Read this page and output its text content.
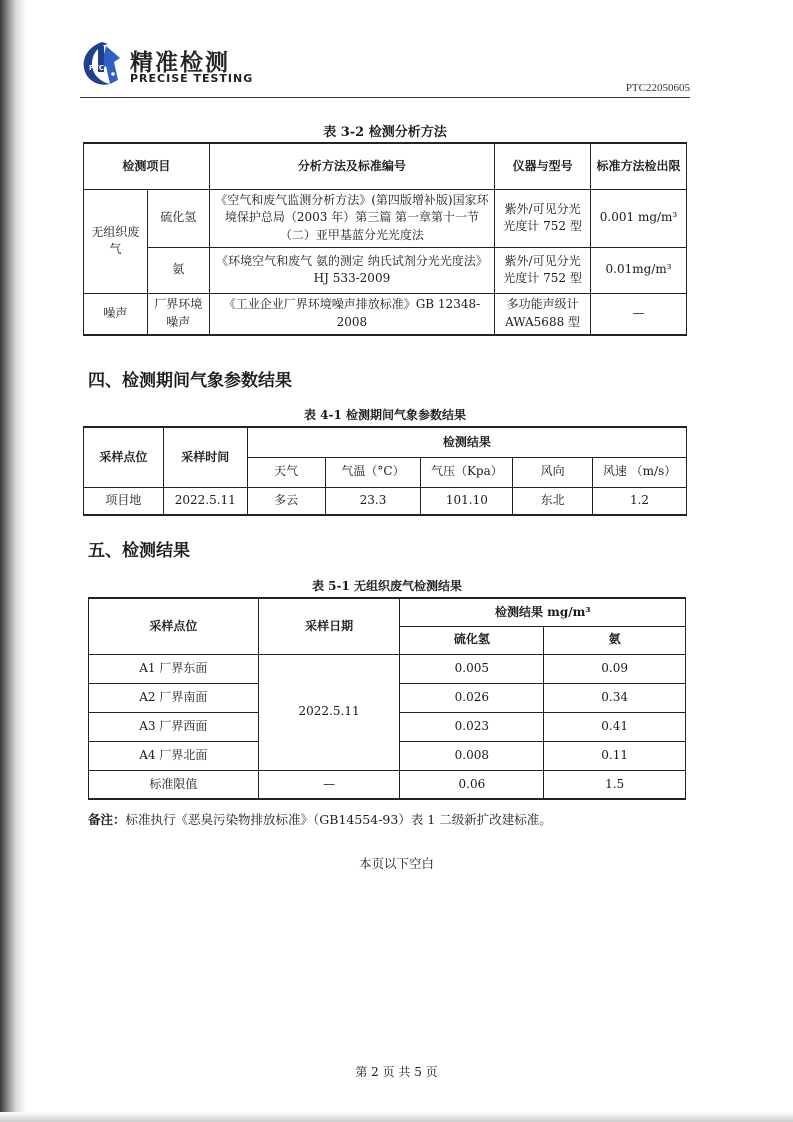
PTC 精准检测
PRECISE TESTING
PTC22050605
表 3-2 检测分析方法
检测项目		分析方法及标准编号	仪器与型号	标准方法检出限
无组织废气	硫化氢	《空气和废气监测分析方法》(第四版增补版)国家环境保护总局（2003 年）第三篇 第一章第十一节 （二）亚甲基蓝分光光度法	紫外/可见分光光度计 752 型	0.001 mg/m³
	氨	《环境空气和废气 氨的测定 纳氏试剂分光光度法》HJ 533-2009	紫外/可见分光光度计 752 型	0.01mg/m³
噪声	厂界环境噪声	《工业企业厂界环境噪声排放标准》GB 12348-2008	多功能声级计 AWA5688 型	—
四、检测期间气象参数结果
表 4-1 检测期间气象参数结果
采样点位	采样时间	检测结果				
		天气	气温（°C）	气压（Kpa）	风向	风速 （m/s）
项目地	2022.5.11	多云	23.3	101.10	东北	1.2
五、检测结果
表 5-1 无组织废气检测结果
采样点位	采样日期	检测结果 mg/m³	
		硫化氢	氨
A1 厂界东面	2022.5.11	0.005	0.09
A2 厂界南面		0.026	0.34
A3 厂界西面		0.023	0.41
A4 厂界北面		0.008	0.11
标准限值	—	0.06	1.5
备注：标准执行《恶臭污染物排放标准》（GB14554-93）表 1 二级新扩改建标准。
本页以下空白
第 2 页 共 5 页
